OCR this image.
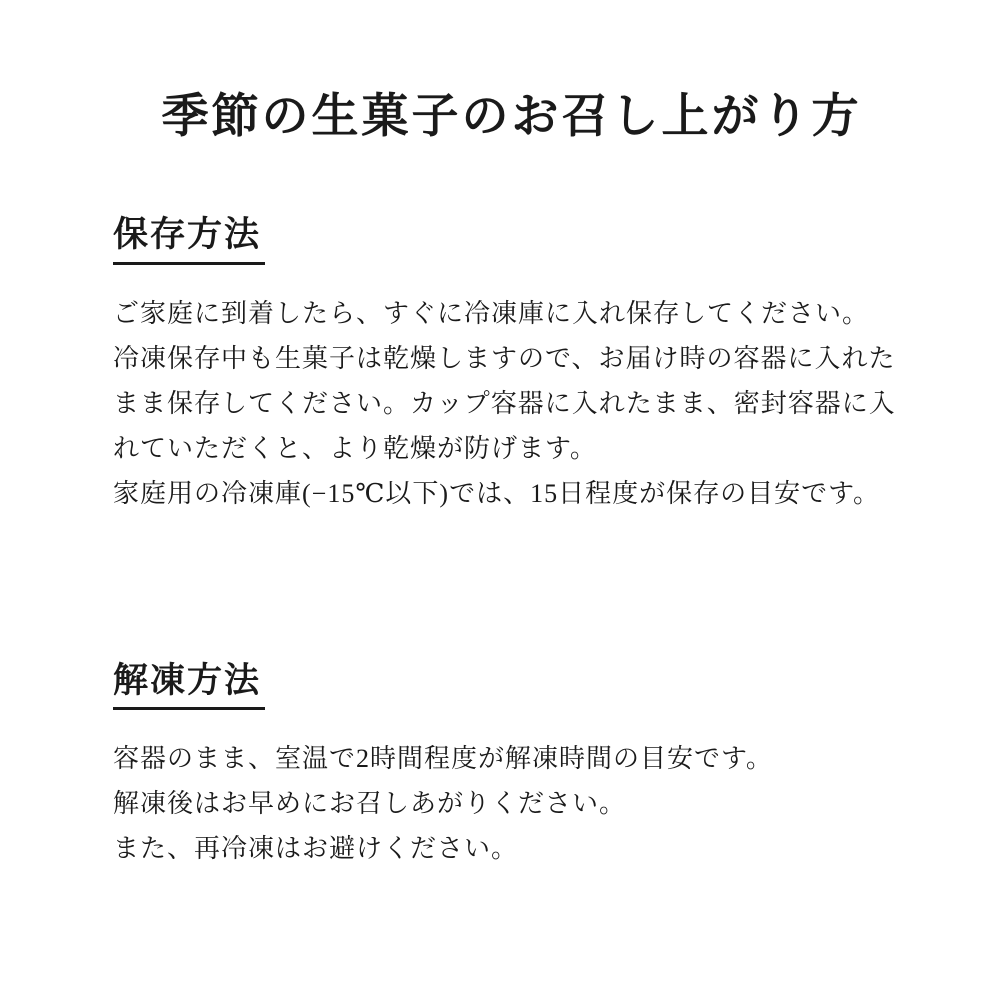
季節の生菓子のお召し上がり方
保存方法
ご家庭に到着したら、すぐに冷凍庫に入れ保存してください。
冷凍保存中も生菓子は乾燥しますので、お届け時の容器に入れた
まま保存してください。カップ容器に入れたまま、密封容器に入
れていただくと、より乾燥が防げます。
家庭用の冷凍庫(−15℃以下)では、15日程度が保存の目安です。
解凍方法
容器のまま、室温で2時間程度が解凍時間の目安です。
解凍後はお早めにお召しあがりください。
また、再冷凍はお避けください。
